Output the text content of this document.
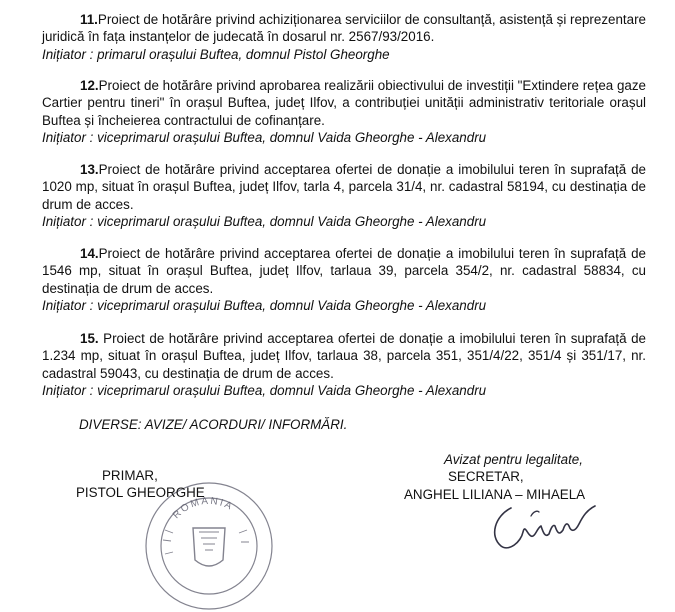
11.Proiect de hotărâre privind achiziționarea serviciilor de consultanță, asistență și reprezentare juridică în fața instanțelor de judecată în dosarul nr. 2567/93/2016.

Inițiator : primarul orașului Buftea, domnul Pistol Gheorghe

12.Proiect de hotărâre privind aprobarea realizării obiectivului de investiții "Extindere rețea gaze Cartier pentru tineri" în orașul Buftea, județ Ilfov, a contribuției unității administrativ teritoriale orașul Buftea și încheierea contractului de cofinanțare.

Inițiator : viceprimarul orașului Buftea, domnul Vaida Gheorghe - Alexandru

13.Proiect de hotărâre privind acceptarea ofertei de donație a imobilului teren în suprafață de 1020 mp, situat în orașul Buftea, județ Ilfov, tarla 4, parcela 31/4, nr. cadastral 58194, cu destinația de drum de acces.

Inițiator : viceprimarul orașului Buftea, domnul Vaida Gheorghe - Alexandru

14.Proiect de hotărâre privind acceptarea ofertei de donație a imobilului teren în suprafață de 1546 mp, situat în orașul Buftea, județ Ilfov, tarlaua 39, parcela 354/2, nr. cadastral 58834, cu destinația de drum de acces.

Inițiator : viceprimarul orașului Buftea, domnul Vaida Gheorghe - Alexandru

15. Proiect de hotărâre privind acceptarea ofertei de donație a imobilului teren în suprafață de 1.234 mp, situat în orașul Buftea, județ Ilfov, tarlaua 38, parcela 351, 351/4/22, 351/4 și 351/17, nr. cadastral 59043, cu destinația de drum de acces.

Inițiator : viceprimarul orașului Buftea, domnul Vaida Gheorghe - Alexandru

DIVERSE: AVIZE/ ACORDURI/ INFORMĂRI.

ROMANIA

PRIMAR,

PISTOL GHEORGHE

Avizat pentru legalitate,

SECRETAR,

ANGHEL LILIANA – MIHAELA
